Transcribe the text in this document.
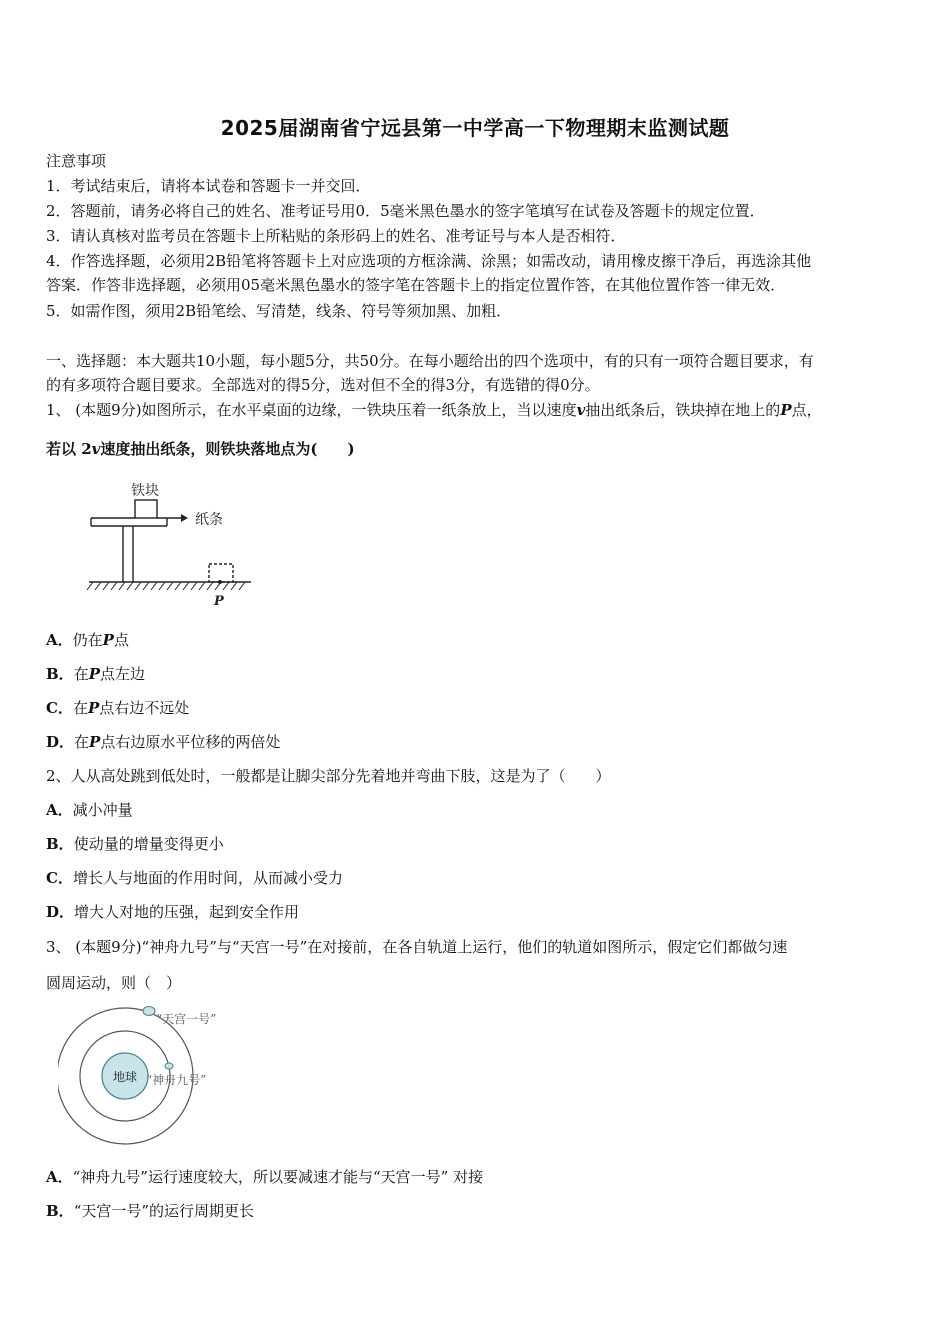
2025届湖南省宁远县第一中学高一下物理期末监测试题
注意事项
1．考试结束后，请将本试卷和答题卡一并交回．
2．答题前，请务必将自己的姓名、准考证号用0．5毫米黑色墨水的签字笔填写在试卷及答题卡的规定位置．
3．请认真核对监考员在答题卡上所粘贴的条形码上的姓名、准考证号与本人是否相符．
4．作答选择题，必须用2B铅笔将答题卡上对应选项的方框涂满、涂黑；如需改动，请用橡皮擦干净后，再选涂其他
答案．作答非选择题，必须用05毫米黑色墨水的签字笔在答题卡上的指定位置作答，在其他位置作答一律无效．
5．如需作图，须用2B铅笔绘、写清楚，线条、符号等须加黑、加粗．
一、选择题：本大题共10小题，每小题5分，共50分。在每小题给出的四个选项中，有的只有一项符合题目要求，有
的有多项符合题目要求。全部选对的得5分，选对但不全的得3分，有选错的得0分。
1、 (本题9分)如图所示，在水平桌面的边缘，一铁块压着一纸条放上，当以速度v抽出纸条后，铁块掉在地上的P点，
若以 2v速度抽出纸条，则铁块落地点为(　　)
铁块
纸条
P
A．仍在P点
B．在P点左边
C．在P点右边不远处
D．在P点右边原水平位移的两倍处
2、人从高处跳到低处时，一般都是让脚尖部分先着地并弯曲下肢，这是为了（　　）
A．减小冲量
B．使动量的增量变得更小
C．增长人与地面的作用时间，从而减小受力
D．增大人对地的压强，起到安全作用
3、 (本题9分)“神舟九号”与“天宫一号”在对接前，在各自轨道上运行，他们的轨道如图所示，假定它们都做匀速
圆周运动，则（　）
地球
“天宫一号”
“神舟九号”
A．“神舟九号”运行速度较大，所以要减速才能与“天宫一号” 对接
B．“天宫一号”的运行周期更长
